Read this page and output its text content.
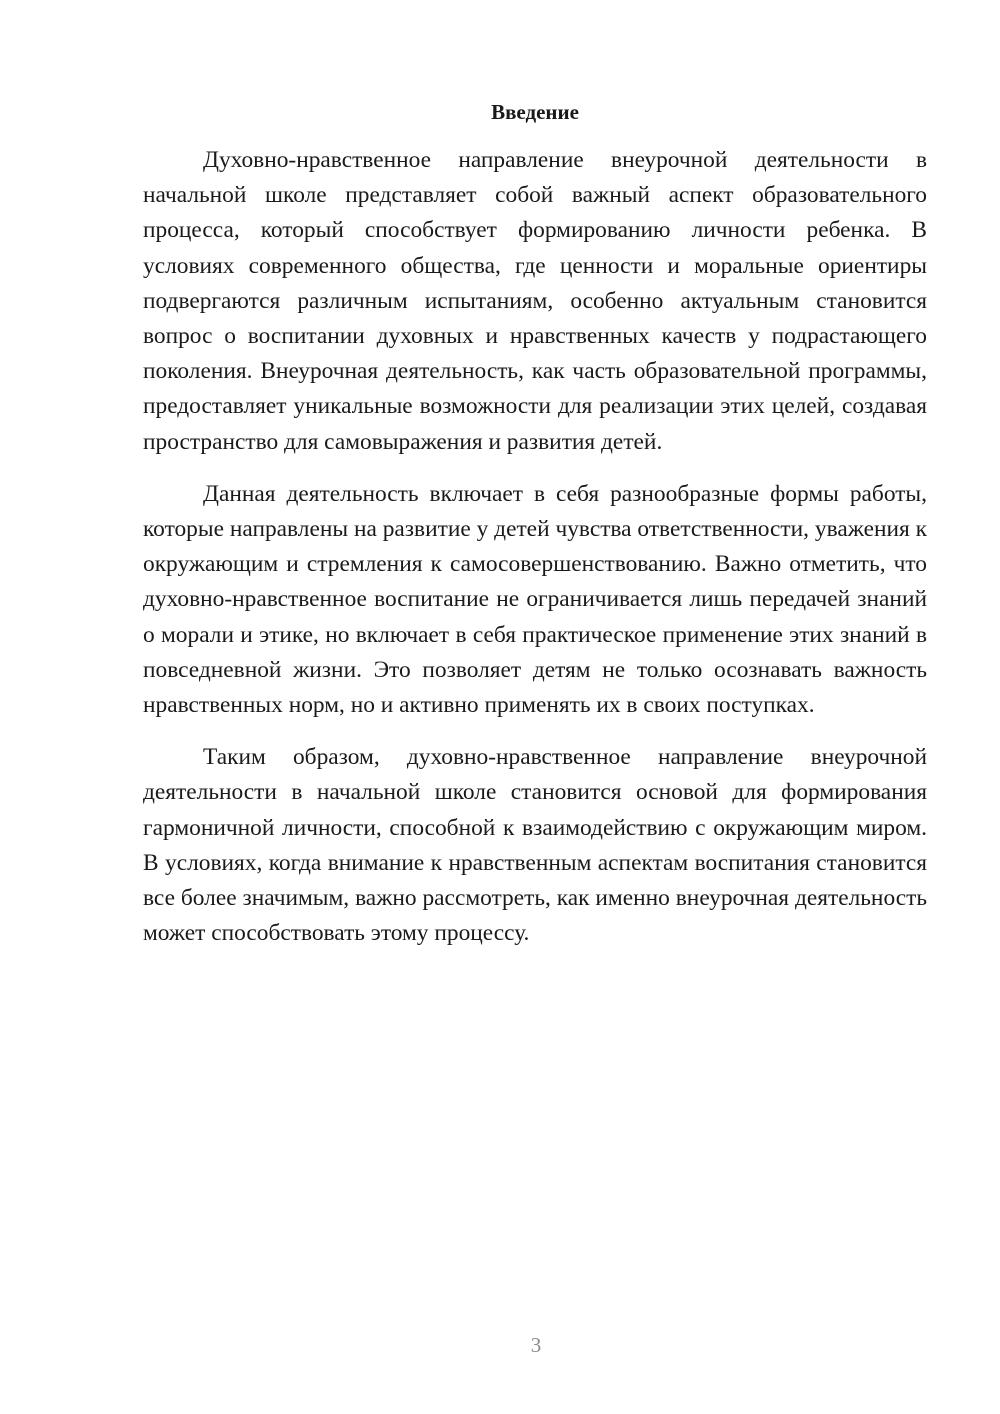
Введение

Духовно-нравственное направление внеурочной деятельности в начальной школе представляет собой важный аспект образовательного процесса, который способствует формированию личности ребенка. В условиях современного общества, где ценности и моральные ориентиры подвергаются различным испытаниям, особенно актуальным становится вопрос о воспитании духовных и нравственных качеств у подрастающего поколения. Внеурочная деятельность, как часть образовательной программы, предоставляет уникальные возможности для реализации этих целей, создавая пространство для самовыражения и развития детей.

Данная деятельность включает в себя разнообразные формы работы, которые направлены на развитие у детей чувства ответственности, уважения к окружающим и стремления к самосовершенствованию. Важно отметить, что духовно-нравственное воспитание не ограничивается лишь передачей знаний о морали и этике, но включает в себя практическое применение этих знаний в повседневной жизни. Это позволяет детям не только осознавать важность нравственных норм, но и активно применять их в своих поступках.

Таким образом, духовно-нравственное направление внеурочной деятельности в начальной школе становится основой для формирования гармоничной личности, способной к взаимодействию с окружающим миром. В условиях, когда внимание к нравственным аспектам воспитания становится все более значимым, важно рассмотреть, как именно внеурочная деятельность может способствовать этому процессу.

3
